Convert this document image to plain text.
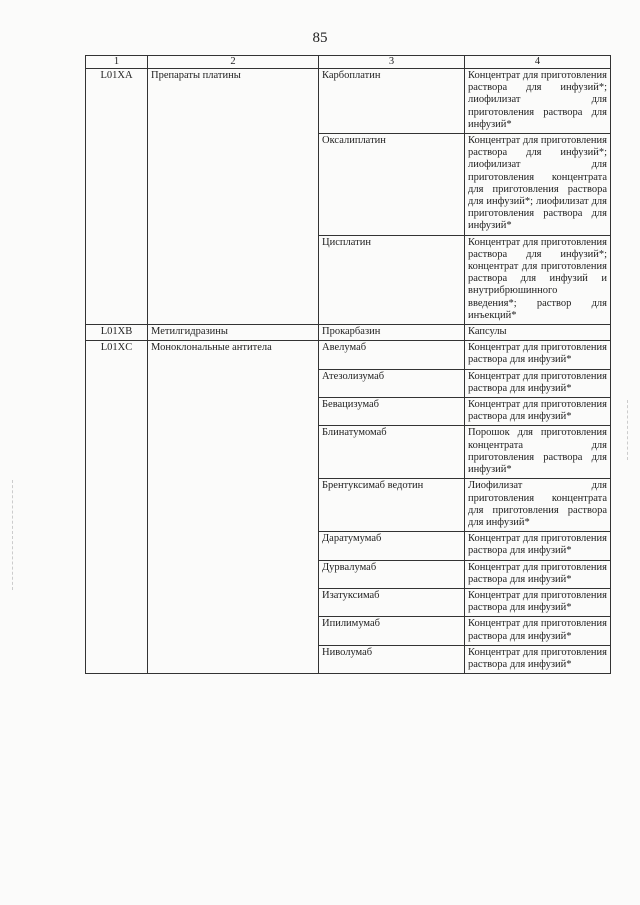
85
1	2	3	4
L01XA	Препараты платины	Карбоплатин	Концентрат для приготовления раствора для инфузий*; лиофилизат для приготовления раствора для инфузий*
		Оксалиплатин	Концентрат для приготовления раствора для инфузий*; лиофилизат для приготовления концентрата для приготовления раствора для инфузий*; лиофилизат для приготовления раствора для инфузий*
		Цисплатин	Концентрат для приготовления раствора для инфузий*; концентрат для приготовления раствора для инфузий и внутрибрюшинного введения*; раствор для инъекций*
L01XB	Метилгидразины	Прокарбазин	Капсулы
L01XC	Моноклональные антитела	Авелумаб	Концентрат для приготовления раствора для инфузий*
		Атезолизумаб	Концентрат для приготовления раствора для инфузий*
		Бевацизумаб	Концентрат для приготовления раствора для инфузий*
		Блинатумомаб	Порошок для приготовления концентрата для приготовления раствора для инфузий*
		Брентуксимаб ведотин	Лиофилизат для приготовления концентрата для приготовления раствора для инфузий*
		Даратумумаб	Концентрат для приготовления раствора для инфузий*
		Дурвалумаб	Концентрат для приготовления раствора для инфузий*
		Изатуксимаб	Концентрат для приготовления раствора для инфузий*
		Ипилимумаб	Концентрат для приготовления раствора для инфузий*
		Ниволумаб	Концентрат для приготовления раствора для инфузий*
